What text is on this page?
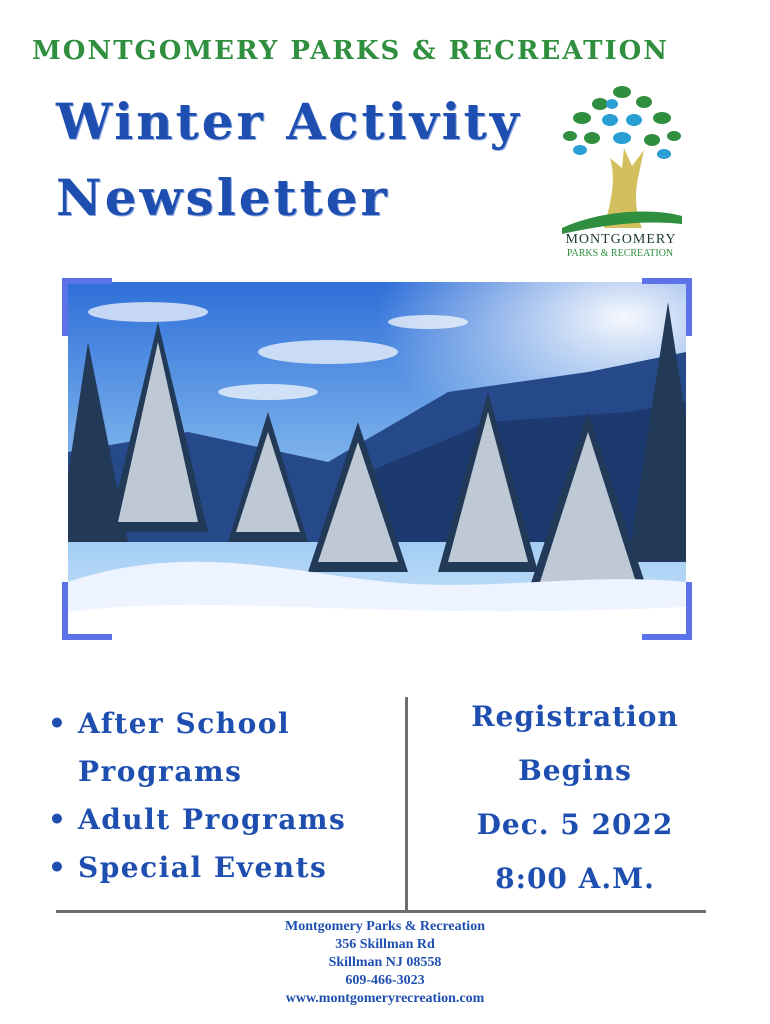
MONTGOMERY PARKS & RECREATION
Winter Activity
Newsletter
MONTGOMERY
PARKS & RECREATION
• After School Programs
• Adult Programs
• Special Events
Registration
Begins
Dec. 5 2022
8:00 A.M.
Montgomery Parks & Recreation
356 Skillman Rd
Skillman NJ 08558
609-466-3023
www.montgomeryrecreation.com
